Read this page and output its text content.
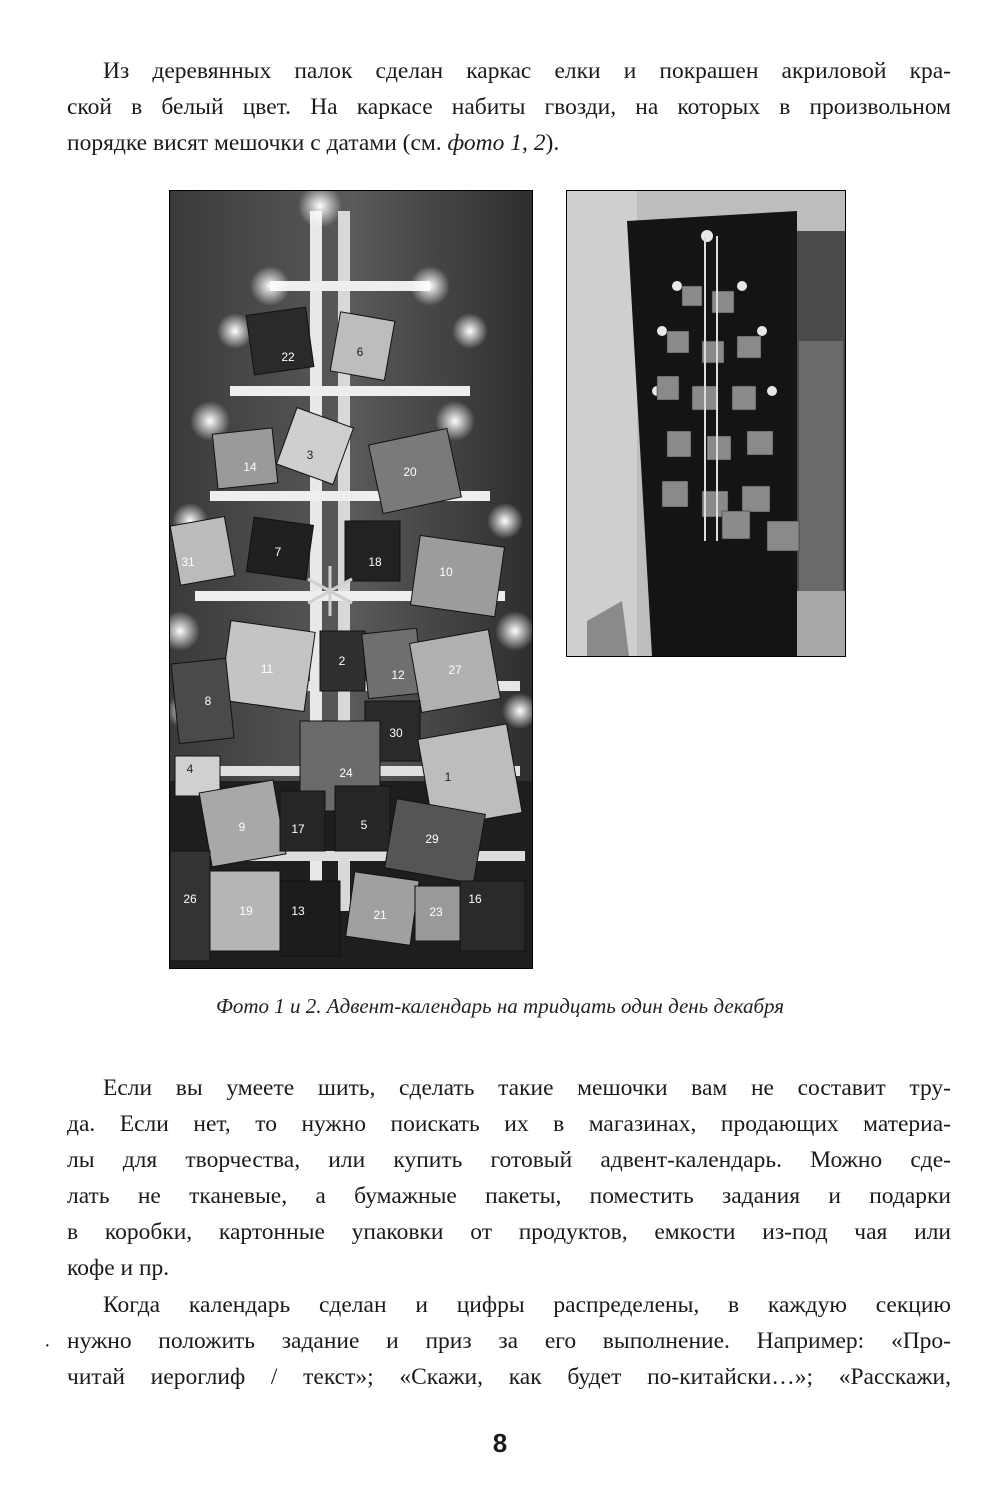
Из деревянных палок сделан каркас елки и покрашен акриловой кра-
ской в белый цвет. На каркасе набиты гвозди, на которых в произвольном
порядке висят мешочки с датами (см. фото 1, 2).
22	6
14
3
20
31
7
18
10
11
2
12	27
8
30
24
4
1
9	17	5
29
19	13	21	23
16
26
Фото 1 и 2. Адвент-календарь на тридцать один день декабря
Если вы умеете шить, сделать такие мешочки вам не составит тру-
да. Если нет, то нужно поискать их в магазинах, продающих материа-
лы для творчества, или купить готовый адвент-календарь. Можно сде-
лать не тканевые, а бумажные пакеты, поместить задания и подарки
в коробки, картонные упаковки от продуктов, емкости из-под чая или
кофе и пр.
Когда календарь сделан и цифры распределены, в каждую секцию
нужно положить задание и приз за его выполнение. Например: «Про-
читай иероглиф / текст»; «Скажи, как будет по-китайски…»; «Расскажи,
·
8
